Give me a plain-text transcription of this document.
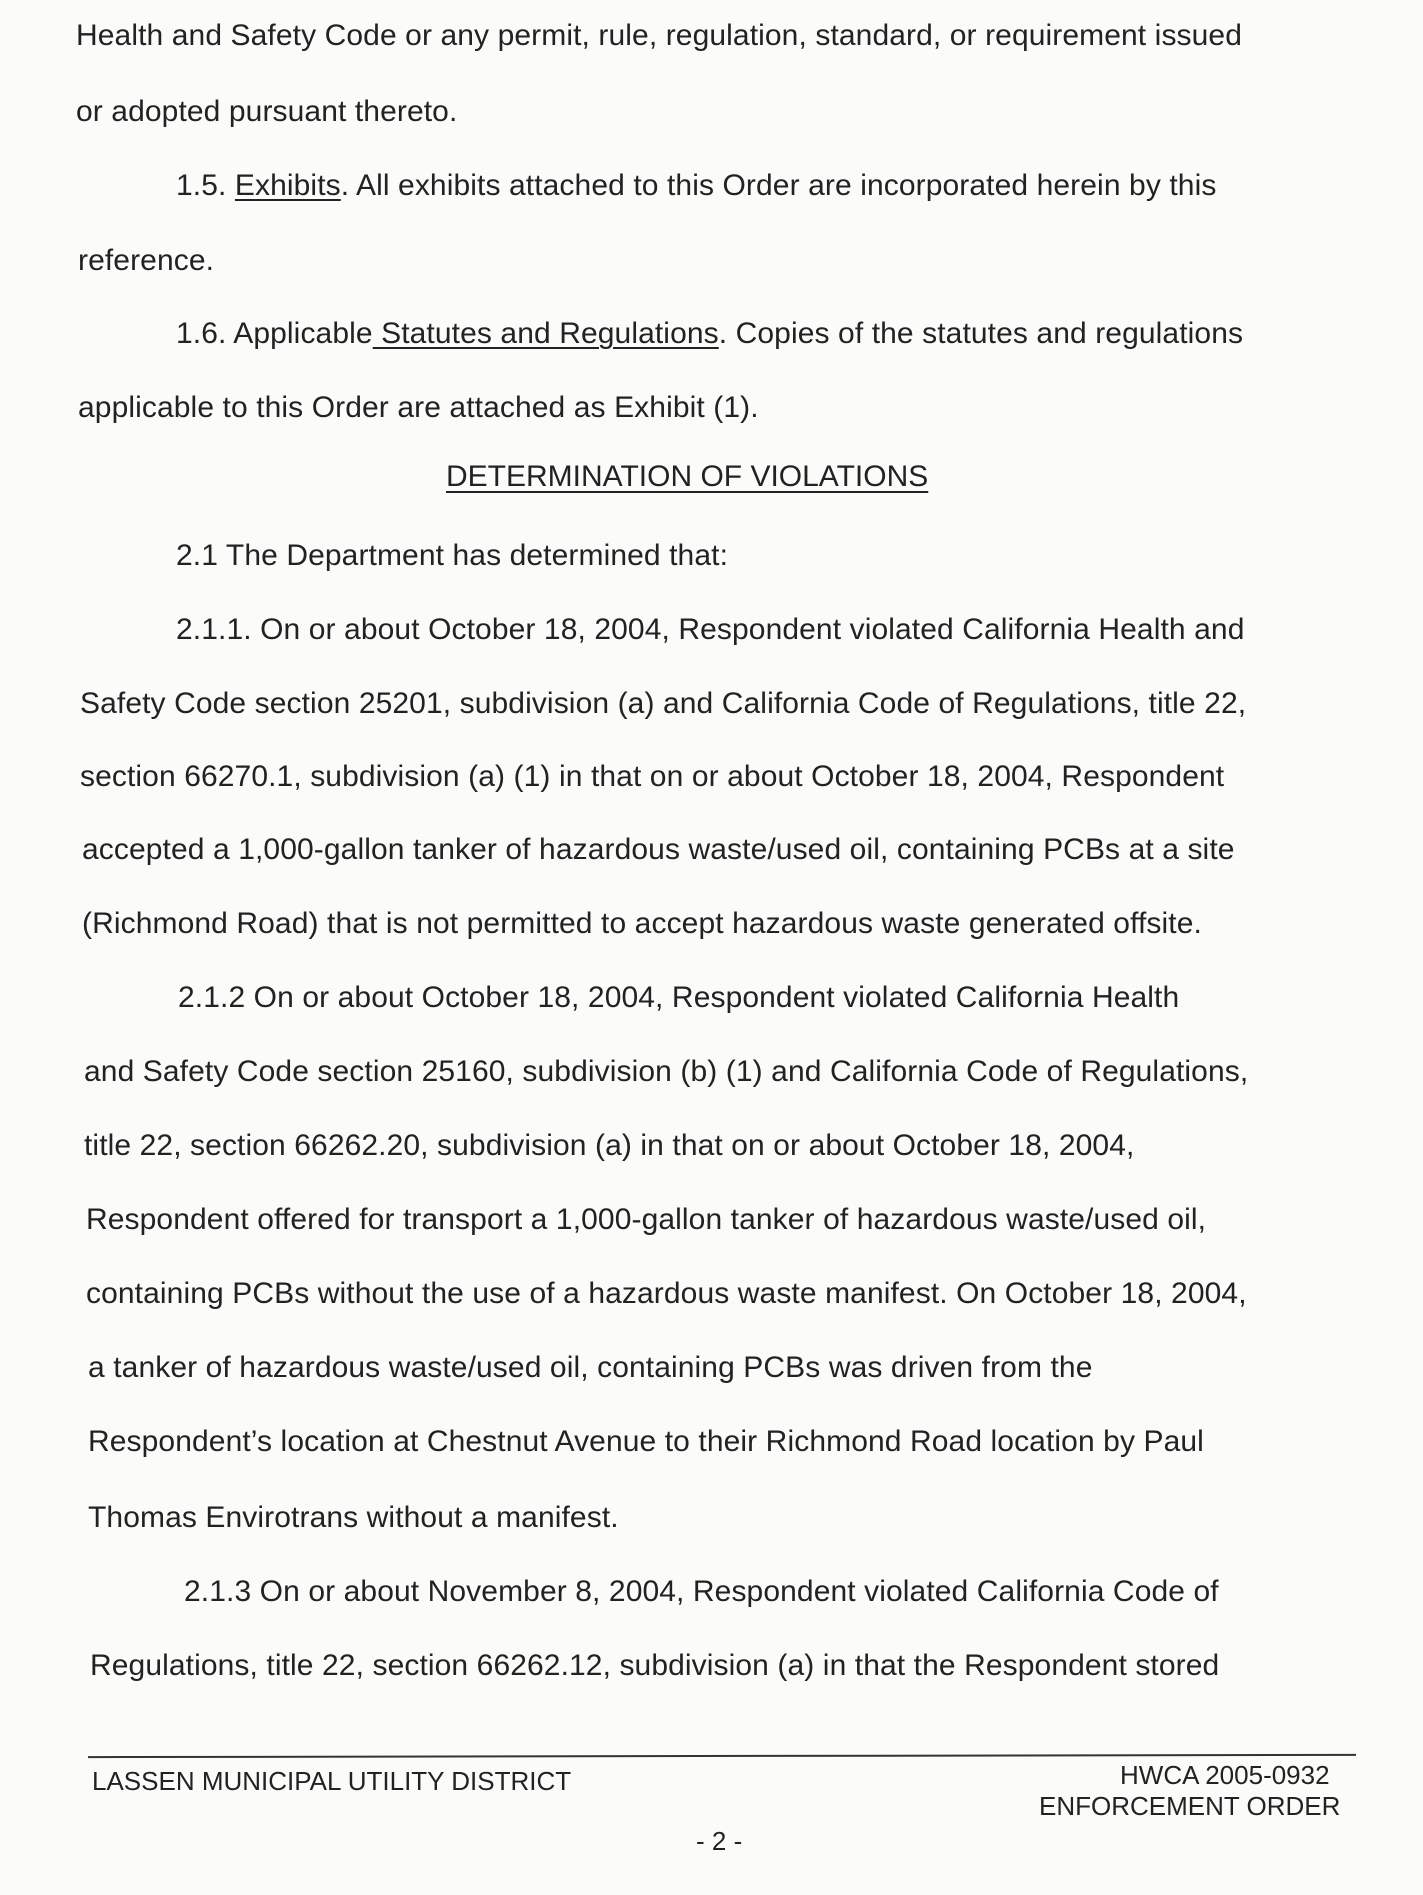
Health and Safety Code or any permit, rule, regulation, standard, or requirement issued
or adopted pursuant thereto.
1.5. Exhibits. All exhibits attached to this Order are incorporated herein by this
reference.
1.6. Applicable Statutes and Regulations. Copies of the statutes and regulations
applicable to this Order are attached as Exhibit (1).
DETERMINATION OF VIOLATIONS
2.1 The Department has determined that:
2.1.1. On or about October 18, 2004, Respondent violated California Health and
Safety Code section 25201, subdivision (a) and California Code of Regulations, title 22,
section 66270.1, subdivision (a) (1) in that on or about October 18, 2004, Respondent
accepted a 1,000-gallon tanker of hazardous waste/used oil, containing PCBs at a site
(Richmond Road) that is not permitted to accept hazardous waste generated offsite.
2.1.2 On or about October 18, 2004, Respondent violated California Health
and Safety Code section 25160, subdivision (b) (1) and California Code of Regulations,
title 22, section 66262.20, subdivision (a) in that on or about October 18, 2004,
Respondent offered for transport a 1,000-gallon tanker of hazardous waste/used oil,
containing PCBs without the use of a hazardous waste manifest. On October 18, 2004,
a tanker of hazardous waste/used oil, containing PCBs was driven from the
Respondent’s location at Chestnut Avenue to their Richmond Road location by Paul
Thomas Envirotrans without a manifest.
2.1.3 On or about November 8, 2004, Respondent violated California Code of
Regulations, title 22, section 66262.12, subdivision (a) in that the Respondent stored
LASSEN MUNICIPAL UTILITY DISTRICT	HWCA 2005-0932
ENFORCEMENT ORDER
- 2 -
